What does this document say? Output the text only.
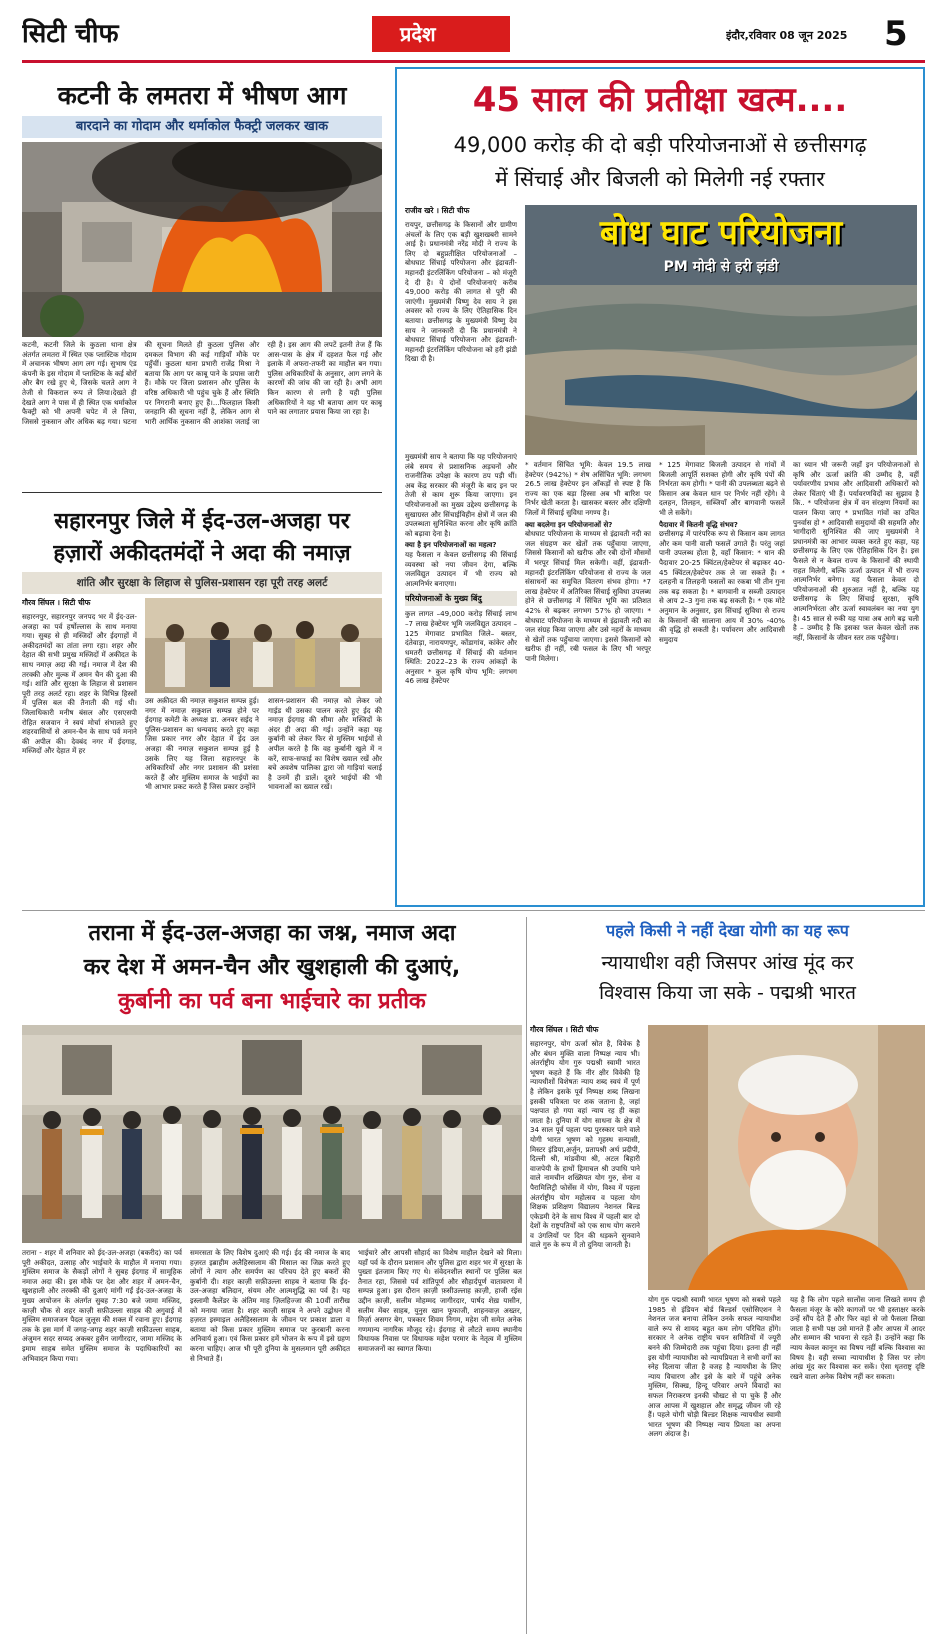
सिटी चीफ	प्रदेश	इंदौर,रविवार 08 जून 2025	5
कटनी के लमतरा में भीषण आग
बारदाने का गोदाम और थर्माकोल फैक्ट्री जलकर खाक
कटनी, कटनी जिले के कुठला थाना क्षेत्र अंतर्गत लमतरा में स्थित एक प्लास्टिक गोदाम में अचानक भीषण आग लग गई। सुभाष एंड कंपनी के इस गोदाम में प्लास्टिक के कई बोरों और बैग रखे हुए थे, जिसके चलते आग ने तेजी से विकराल रूप ले लिया।देखते ही देखते आग ने पास में ही स्थित एक थर्माकोल फैक्ट्री को भी अपनी चपेट में ले लिया, जिससे नुकसान और अधिक बढ़ गया। घटना की सूचना मिलते ही कुठला पुलिस और दमकल विभाग की कई गाड़ियाँ मौके पर पहुँचीं। कुठला थाना प्रभारी राजेंद्र मिश्रा ने बताया कि आग पर काबू पाने के प्रयास जारी हैं। मौके पर जिला प्रशासन और पुलिस के वरिष्ठ अधिकारी भी पहुंच चुके हैं और स्थिति पर निगरानी बनाए हुए हैं।...फिलहाल किसी जनहानि की सूचना नहीं है, लेकिन आग से भारी आर्थिक नुकसान की आशंका जताई जा रही है। इस आग की लपटें इतनी तेज हैं कि आस-पास के क्षेत्र में दहशत फैल गई और इलाके में अफरा-तफरी का माहौल बन गया।पुलिस अधिकारियों के अनुसार, आग लगने के कारणों की जांच की जा रही है। अभी आग किन कारण से लगी है यही पुलिस अधिकारियों ने यह भी बताया आग पर काबू पाने का लगातार प्रयास किया जा रहा है।
सहारनपुर जिले में ईद-उल-अजहा पर
हज़ारों अकीदतमंदों ने अदा की नमाज़
शांति और सुरक्षा के लिहाज से पुलिस-प्रशासन रहा पूरी तरह अलर्ट
गौरव सिंघल । सिटी चीफ
सहारनपुर, सहारनपुर जनपद भर में ईद-उल-अजहा का पर्व हर्षोल्लास के साथ मनाया गया। सुबह से ही मस्जिदों और ईदगाहों में अकीदतमंदों का तांता लगा रहा। शहर और देहात की सभी प्रमुख मस्जिदों में अकीदत के साथ नमाज़ अदा की गई। नमाज में देश की तरक्की और मुल्क में अमन चैन की दुआ की गई। शांति और सुरक्षा के लिहाज से प्रशासन पूरी तरह अलर्ट रहा। शहर के विभिन्न हिस्सों में पुलिस बल की तैनाती की गई थी। जिलाधिकारी मनीष बंसल और एसएसपी रोहित सजवान ने स्वयं मोर्चा संभालते हुए शहरवासियों से अमन-चैन के साथ पर्व मनाने की अपील की। देवबंद नगर में ईदगाह, मस्जिदों और देहात में हर
उस अक़ीदत की नमाज़ सकुशल सम्पन्न हुई। नगर में नमाज़ सकुशल सम्पन्न होने पर ईदगाह कमेटी के अध्यक्ष डा. अनवर सईद ने पुलिस-प्रशासन का धन्यवाद करते हुए कहा जिस प्रकार नगर और देहात में ईद उल अजहा की नमाज़ सकुशल सम्पन्न हुई है उसके लिए यह जिला सहारनपुर के अधिकारियों और नगर प्रशासन की प्रशंसा करते हैं और मुस्लिम समाज के भाईयों का भी आभार प्रकट करते हैं जिस प्रकार उन्होंने
शासन-प्रशासन की नमाज़ को लेकर जो गाईड थी उसका पालन करते हुए ईद की नमाज़ ईदगाह की सीमा और मस्जिदों के अंदर ही अदा की गई। उन्होंने कहा यह कुर्बानी को लेकर फिर से मुस्लिम भाईयों से अपील करते है कि वह कुर्बानी खुले में न करें, साफ-सफाई का विशेष ख्याल रखें और बचे अवशेष पालिका द्वारा जो गाड़ियां चलाई है उनमें ही डालें। दूसरे भाईयों की भी भावनाओं का ख्याल रखें।
45 साल की प्रतीक्षा खत्म....
49,000 करोड़ की दो बड़ी परियोजनाओं से छत्तीसगढ़
में सिंचाई और बिजली को मिलेगी नई रफ्तार
राजीव खरे । सिटी चीफ
रायपुर, छत्तीसगढ़ के किसानों और ग्रामीण अंचलों के लिए एक बड़ी खुशखबरी सामने आई है। प्रधानमंत्री नरेंद्र मोदी ने राज्य के लिए दो बहुप्रतीक्षित परियोजनाओं – बोधघाट सिंचाई परियोजना और इंद्रावती-महानदी इंटरलिंकिंग परियोजना – को मंजूरी दे दी है। ये दोनों परियोजनाएं करीब 49,000 करोड़ की लागत से पूरी की जाएंगी। मुख्यमंत्री विष्णु देव साय ने इस अवसर को राज्य के लिए ऐतिहासिक दिन बताया। छत्तीसगढ़ के मुख्यमंत्री विष्णु देव साय ने जानकारी दी कि प्रधानमंत्री ने बोधघाट सिंचाई परियोजना और इंद्रावती-महानदी इंटरलिंकिंग परियोजना को हरी झंडी दिखा दी है।
बोध घाट परियोजना
PM मोदी से हरी झंडी
मुख्यमंत्री साय ने बताया कि यह परियोजनाएं लंबे समय से प्रशासनिक अड़चनों और राजनीतिक उपेक्षा के कारण ठप पड़ी थीं। अब केंद्र सरकार की मंजूरी के बाद इन पर तेजी से काम शुरू किया जाएगा। इन परियोजनाओं का मुख्य उद्देश्य छत्तीसगढ़ के सुखाग्रस्त और सिंचाईविहीन क्षेत्रों में जल की उपलब्धता सुनिश्चित करना और कृषि क्रांति को बढ़ावा देना है।
क्या है इन परियोजनाओं का महत्व?
यह फैसला न केवल छत्तीसगढ़ की सिंचाई व्यवस्था को नया जीवन देगा, बल्कि जलविद्युत उत्पादन में भी राज्य को आत्मनिर्भर बनाएगा।
परियोजनाओं के मुख्य बिंदु
कुल लागत –49,000 करोड़ सिंचाई लाभ –7 लाख हेक्टेयर भूमि जलविद्युत उत्पादन –125 मेगावाट प्रभावित जिले– बस्तर, दंतेवाड़ा, नारायणपुर, कोंडागांव, कांकेर और धमतरी छत्तीसगढ़ में सिंचाई की वर्तमान स्थिति: 2022–23 के राज्य आंकड़ों के अनुसार * कुल कृषि योग्य भूमि: लगभग 46 लाख हेक्टेयर
* वर्तमान सिंचित भूमि: केवल 19.5 लाख हेक्टेयर (942%) * शेष असिंचित भूमि: लगभग 26.5 लाख हेक्टेयर इन आँकड़ों से स्पष्ट है कि राज्य का एक बड़ा हिस्सा अब भी बारिश पर निर्भर खेती करता है। खासकर बस्तर और दक्षिणी जिलों में सिंचाई सुविधा नगण्य है।
क्या बदलेगा इन परियोजनाओं से?
बोधघाट परियोजना के माध्यम से इंद्रावती नदी का जल संग्रहण कर खेतों तक पहुँचाया जाएगा, जिससे किसानों को खरीफ और रबी दोनों मौसमों में भरपूर सिंचाई मिल सकेगी। वहीं, इंद्रावती-महानदी इंटरलिंकिंग परियोजना से राज्य के जल संसाधनों का समुचित वितरण संभव होगा। *7 लाख हेक्टेयर में अतिरिक्त सिंचाई सुविधा उपलब्ध होने से छत्तीसगढ़ में सिंचित भूमि का प्रतिशत 42% से बढ़कर लगभग 57% हो जाएगा। * बोधघाट परियोजना के माध्यम से इंद्रावती नदी का जल संग्रह किया जाएगा और उसे नहरों के माध्यम से खेतों तक पहुँचाया जाएगा। इससे किसानों को खरीफ ही नहीं, रबी फसल के लिए भी भरपूर पानी मिलेगा।
* 125 मेगावाट बिजली उत्पादन से गांवों में बिजली आपूर्ति सशक्त होगी और कृषि पंपों की निर्भरता कम होगी। * पानी की उपलब्धता बढ़ने से किसान अब केवल धान पर निर्भर नहीं रहेंगे। वे दलहन, तिलहन, सब्जियाँ और बागवानी फसलें भी ले सकेंगे।
पैदावार में कितनी वृद्धि संभव?
छत्तीसगढ़ में पारंपरिक रूप से किसान कम लागत और कम पानी वाली फसलें उगाते हैं। परंतु जहां पानी उपलब्ध होता है, वहाँ किसान: * धान की पैदावार 20-25 क्विंटल/हेक्टेयर से बढ़ाकर 40-45 क्विंटल/हेक्टेयर तक ले जा सकते हैं। * दलहनी व तिलहनी फसलों का रकबा भी तीन गुना तक बढ़ सकता है। * बागवानी व सब्जी उत्पादन से आय 2–3 गुना तक बढ़ सकती है। * एक मोटे अनुमान के अनुसार, इस सिंचाई सुविधा से राज्य के किसानों की सालाना आय में 30% -40% की वृद्धि हो सकती है। पर्यावरण और आदिवासी समुदाय
का ध्यान भी जरूरी जहाँ इन परियोजनाओं से कृषि और ऊर्जा क्रांति की उम्मीद है, वहीं पर्यावरणीय प्रभाव और आदिवासी अधिकारों को लेकर चिंताएं भी हैं। पर्यावरणविदों का सुझाव है कि.. * परियोजना क्षेत्र में वन संरक्षण नियमों का पालन किया जाए * प्रभावित गांवों का उचित पुनर्वास हो * आदिवासी समुदायों की सहमति और भागीदारी सुनिश्चित की जाए मुख्यमंत्री ने प्रधानमंत्री का आभार व्यक्त करते हुए कहा, यह छत्तीसगढ़ के लिए एक ऐतिहासिक दिन है। इस फैसले से न केवल राज्य के किसानों की स्थायी राहत मिलेगी, बल्कि ऊर्जा उत्पादन में भी राज्य आत्मनिर्भर बनेगा। यह फैसला केवल दो परियोजनाओं की शुरुआत नहीं है, बल्कि यह छत्तीसगढ़ के लिए सिंचाई सुरक्षा, कृषि आत्मनिर्भरता और ऊर्जा स्वावलंबन का नया युग है। 45 साल से रुकी यह यात्रा अब आगे बढ़ चली है – उम्मीद है कि इसका फल केवल खेतों तक नहीं, किसानों के जीवन स्तर तक पहुँचेगा।
तराना में ईद-उल-अजहा का जश्न, नमाज अदा
कर देश में अमन-चैन और खुशहाली की दुआएं,
कुर्बानी का पर्व बना भाईचारे का प्रतीक
तराना - शहर में शनिवार को ईद-उल-अजहा (बकरीद) का पर्व पूरी अकीदत, उत्साह और भाईचारे के माहौल में मनाया गया। मुस्लिम समाज के सैकड़ों लोगों ने सुबह ईदगाह में सामूहिक नमाज अदा की। इस मौके पर देश और शहर में अमन-चैन, खुशहाली और तरक्की की दुआएं मांगी गईं ईद-उल-अजहा के मुख्य आयोजन के अंतर्गत सुबह 7:30 बजे जामा मस्जिद, काज़ी चौक से शहर काज़ी सफ़ीउल्ला साहब की अगुवाई में मुस्लिम समाजजन पैदल जुलूस की शक्ल में रवाना हुए। ईदगाह तक के इस मार्ग में जगह-जगह शहर काज़ी सफ़ीउल्ला साहब, अंजुमन सदर सय्यद अकबर हुसैन जागीरदार, जामा मस्जिद के इमाम साहब समेत मुस्लिम समाज के पदाधिकारियों का अभिवादन किया गया।
समरसता के लिए विशेष दुआएं की गई। ईद की नमाज के बाद हज़रत इब्राहीम अलैहिस्सलाम की मिसाल का जिक्र करते हुए लोगों ने त्याग और समर्पण का परिचय देते हुए बकरों की कुर्बानी दी। शहर काज़ी सफ़ीउल्ला साहब ने बताया कि ईद-उल-अजहा बलिदान, संयम और आत्मशुद्धि का पर्व है। यह इस्लामी कैलेंडर के अंतिम माह ज़िलहिज्जा की 10वीं तारीख को मनाया जाता है। शहर काज़ी साहब ने अपने उद्बोधन में हज़रत इस्माइल अलैहिस्सलाम के जीवन पर प्रकाश डाला व बताया को किस प्रकार मुस्लिम समाज पर कुरबानी करना अनिवार्य हुआ। एवं किस प्रकार हमें भोजन के रूप में इसे ग्रहण करना चाहिए। आज भी पूरी दुनिया के मुसलमान पूरी अकीदत से निभाते हैं।
भाईचारे और आपसी सौहार्द का विशेष माहौल देखने को मिला। यहाँ पर्व के दौरान प्रशासन और पुलिस द्वारा शहर भर में सुरक्षा के पुख्ता इंतजाम किए गए थे। संवेदनशील स्थानों पर पुलिस बल तैनात रहा, जिससे पर्व शांतिपूर्ण और सौहार्दपूर्ण वातावरण में सम्पन्न हुआ। इस दौरान क़ाज़ी फ़सीउल्लाह क़ाज़ी, हाजी रईस उद्दीन क़ाज़ी, सलीम मोहम्मद जागीरदार, पार्षद शेख़ यासीन, सलीम मेंबर साहब, युनुस खान फूफाजी, शाहनवाज़ अख्तर, मिर्ज़ा असगर बेग, पत्रकार शिवम निगम, महेश जी समेत अनेक गणमान्य नागरिक मौजूद रहे। ईदगाह से लौटते समय स्थानीय विधायक निवास पर विधायक महेश परमार के नेतृत्व में मुस्लिम समाजजनों का स्वागत किया।
पहले किसी ने नहीं देखा योगी का यह रूप
न्यायाधीश वही जिसपर आंख मूंद कर
विश्वास किया जा सके - पद्मश्री भारत
गौरव सिंघल । सिटी चीफ
सहारनपुर, योग ऊर्जा स्रोत है, विवेक है और बंधन मुक्ति वाला निष्पक्ष न्याय भी। अंतर्राष्ट्रीय योग गुरु पद्मश्री स्वामी भारत भूषण कहते हैं कि नीर क्षीर विवेकी हि न्यायधीशों विशेषतः न्याय शब्द स्वयं में पूर्ण है लेकिन इसके पूर्व निष्पक्ष शब्द लिखना इसकी पवित्रता पर शक जताना है, जहां पक्षपात हो गया वहां न्याय रह ही कहा जाता है। दुनिया में योग साधना के क्षेत्र में 34 साल पूर्व पहला पद्म पुरस्कार पाने वाले योगी भारत भूषण को गृहस्थ सन्यासी, मिस्टर इंडिया,अर्जुन, प्रतापश्री अर्थ प्रदीपी, दिल्ली श्री, मांडवीया श्री, अटल बिहारी वाजपेयी के हाथों हिमाचल श्री उपाधि पाने वाले नामचीन शख्सियत योग गुरु, सेना व पैरामिलिट्री फोर्सेस में योग, विश्व में पहला अंतर्राष्ट्रीय योग महोत्सव व पहला योग शिक्षक प्रशिक्षण विद्यालय नेशनल बिल्ड एकेडमी देने के साथ विश्व में पहली बार दो देशों के राष्ट्रपतियों को एक साथ योग कराने व उंगलियों पर दिन की धड़कने सुनवाने वाले गुरु के रूप में तो दुनिया जानती है।
योग गुरु पद्मश्री स्वामी भारत भूषण को सबसे पहले 1985 से इंडियन बोर्ड बिल्डर्स एसोसिएशन ने नेशनल जज बनाया लेकिन उनके सफल न्यायाधीश वाले रूप से शायद बहुत कम लोग परिचित होंगे। सरकार ने अनेक राष्ट्रीय चयन समितियों में ज्यूरी बनने की जिम्मेदारी तक पहुंचा दिया। इतना ही नहीं इस योगी न्यायाधीश को न्यायप्रियता ने सभी वर्गों का स्नेह दिलाया जीता है वजह है न्यायधीश के लिए न्याय विचारण और इसे के बारे में पहुंचे अनेक मुस्लिम, सिक्ख, हिन्दू परिवार अपने विवादों का सफल निराकरण इनकी चौखट से पा चुके हैं और आज आपस में खुशहाल और समृद्ध जीवन जी रहे हैं। पहले योगी चोड़ी बिल्डर शिक्षक न्यायधीश स्वामी भारत भूषण की निष्पक्ष न्याय प्रियता का अपना अलग अंदाज है।
यह है कि लोग पहले सालोंस जाना लिखते समय ही फैसला मंजूर के कोरे कागजों पर भी हस्ताक्षर करके उन्हें सौंप देते हैं और फिर वहां से जो फैसला लिखा जाता है सभी पक्ष उसे मानते हैं और आपस में आदर और सम्मान की भावना से रहते हैं। उन्होंने कहा कि न्याय केवल कानून का विषय नहीं बल्कि विश्वास का विषय है। वही सच्चा न्यायाधीश है जिस पर लोग आंख मूंद कर विश्वास कर सकें। ऐसा धृतराष्ट्र दृष्टि रखने वाला अनेक विशेष नहीं कर सकता।
